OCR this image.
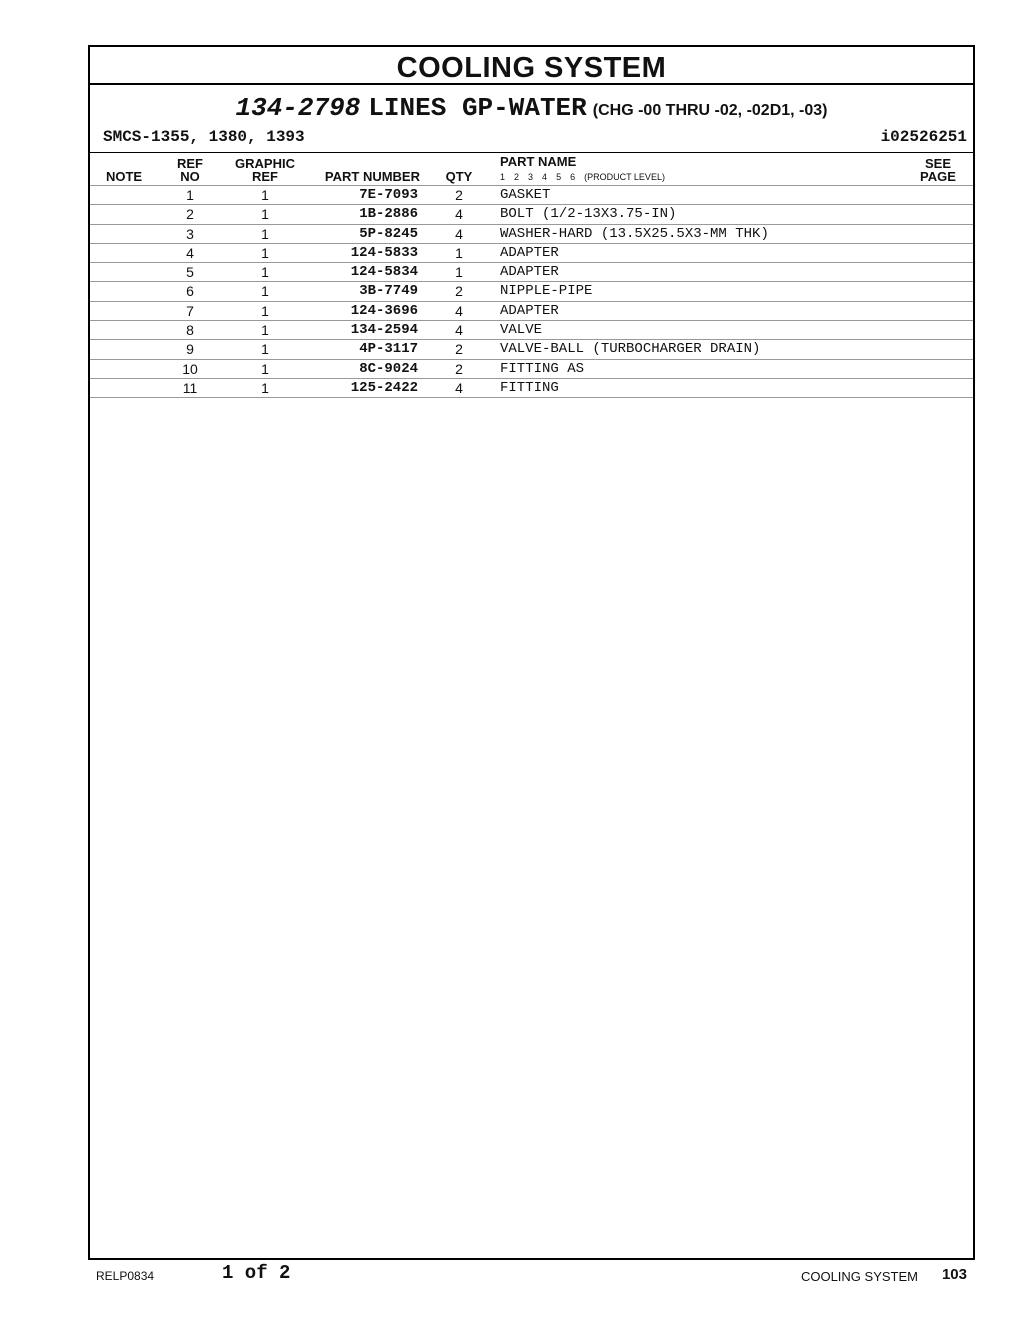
COOLING SYSTEM
134-2798 LINES GP-WATER (CHG -00 THRU -02, -02D1, -03)
SMCS-1355, 1380, 1393	i02526251
NOTE
REF
NO
GRAPHIC
REF	PART NUMBER	QTY
PART NAME
1 2 3 4 5 6 (PRODUCT LEVEL)
SEE
PAGE
1	1	7E-7093	2	GASKET
2	1	1B-2886	4	BOLT (1/2-13X3.75-IN)
3	1	5P-8245	4	WASHER-HARD (13.5X25.5X3-MM THK)
4	1	124-5833	1	ADAPTER
5	1	124-5834	1	ADAPTER
6	1	3B-7749	2	NIPPLE-PIPE
7	1	124-3696	4	ADAPTER
8	1	134-2594	4	VALVE
9	1	4P-3117	2	VALVE-BALL (TURBOCHARGER DRAIN)
10	1	8C-9024	2	FITTING AS
11	1	125-2422	4	FITTING
RELP0834	1 of 2	COOLING SYSTEM 103
